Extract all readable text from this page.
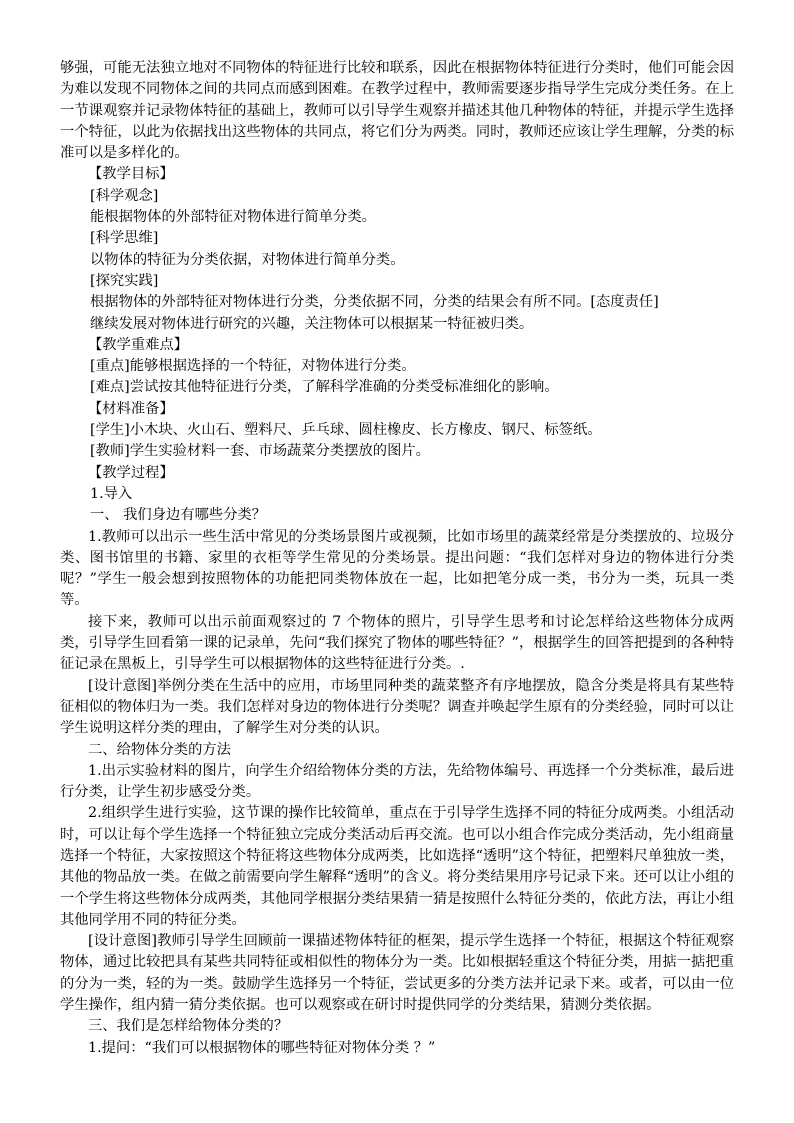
够强，可能无法独立地对不同物体的特征进行比较和联系，因此在根据物体特征进行分类时，他们可能会因为难以发现不同物体之间的共同点而感到困难。在教学过程中，教师需要逐步指导学生完成分类任务。在上一节课观察并记录物体特征的基础上，教师可以引导学生观察并描述其他几种物体的特征，并提示学生选择一个特征，以此为依据找出这些物体的共同点，将它们分为两类。同时，教师还应该让学生理解，分类的标准可以是多样化的。

【教学目标】

[科学观念]

能根据物体的外部特征对物体进行简单分类。

[科学思维]

以物体的特征为分类依据，对物体进行简单分类。

[探究实践]

根据物体的外部特征对物体进行分类，分类依据不同，分类的结果会有所不同。[态度责任]

继续发展对物体进行研究的兴趣，关注物体可以根据某一特征被归类。

【教学重难点】

[重点]能够根据选择的一个特征，对物体进行分类。

[难点]尝试按其他特征进行分类，了解科学准确的分类受标准细化的影响。

【材料准备】

[学生]小木块、火山石、塑料尺、乒乓球、圆柱橡皮、长方橡皮、钢尺、标签纸。

[教师]学生实验材料一套、市场蔬菜分类摆放的图片。

【教学过程】

1.导入

一、 我们身边有哪些分类？

1.教师可以出示一些生活中常见的分类场景图片或视频，比如市场里的蔬菜经常是分类摆放的、垃圾分类、图书馆里的书籍、家里的衣柜等学生常见的分类场景。提出问题：“我们怎样对身边的物体进行分类呢？”学生一般会想到按照物体的功能把同类物体放在一起，比如把笔分成一类，书分为一类，玩具一类等。

接下来，教师可以出示前面观察过的 7 个物体的照片，引导学生思考和讨论怎样给这些物体分成两类，引导学生回看第一课的记录单，先问“我们探究了物体的哪些特征？”，根据学生的回答把提到的各种特征记录在黑板上，引导学生可以根据物体的这些特征进行分类。.

[设计意图]举例分类在生活中的应用，市场里同种类的蔬菜整齐有序地摆放，隐含分类是将具有某些特征相似的物体归为一类。我们怎样对身边的物体进行分类呢？调查并唤起学生原有的分类经验，同时可以让学生说明这样分类的理由，了解学生对分类的认识。

二、给物体分类的方法

1.出示实验材料的图片，向学生介绍给物体分类的方法，先给物体编号、再选择一个分类标准，最后进行分类，让学生初步感受分类。

2.组织学生进行实验，这节课的操作比较简单，重点在于引导学生选择不同的特征分成两类。小组活动时，可以让每个学生选择一个特征独立完成分类活动后再交流。也可以小组合作完成分类活动，先小组商量选择一个特征，大家按照这个特征将这些物体分成两类，比如选择“透明”这个特征，把塑料尺单独放一类，其他的物品放一类。在做之前需要向学生解释“透明”的含义。将分类结果用序号记录下来。还可以让小组的一个学生将这些物体分成两类，其他同学根据分类结果猜一猜是按照什么特征分类的，依此方法，再让小组其他同学用不同的特征分类。

[设计意图]教师引导学生回顾前一课描述物体特征的框架，提示学生选择一个特征，根据这个特征观察物体，通过比较把具有某些共同特征或相似性的物体分为一类。比如根据轻重这个特征分类，用掂一掂把重的分为一类，轻的为一类。鼓励学生选择另一个特征，尝试更多的分类方法并记录下来。或者，可以由一位学生操作，组内猜一猜分类依据。也可以观察或在研讨时提供同学的分类结果，猜测分类依据。

三、我们是怎样给物体分类的？

1.提问：“我们可以根据物体的哪些特征对物体分类 ？”
